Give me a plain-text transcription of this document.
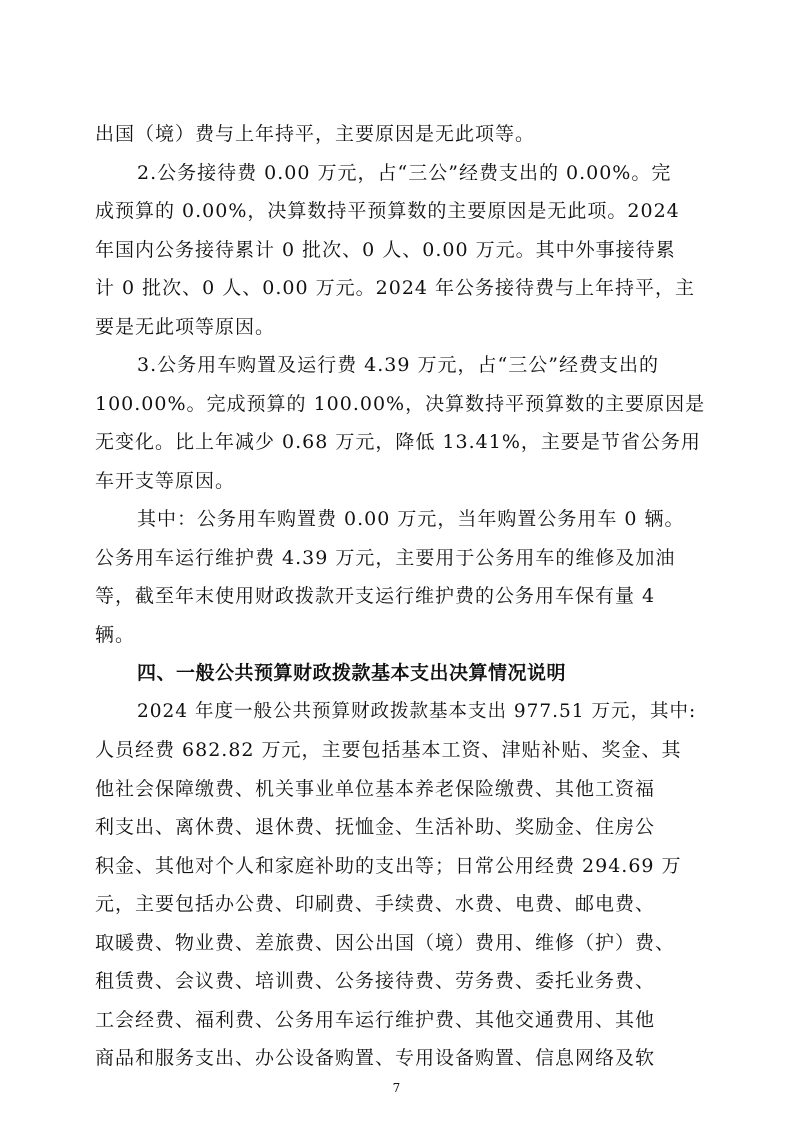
出国（境）费与上年持平，主要原因是无此项等。
2.公务接待费 0.00 万元，占“三公”经费支出的 0.00%。完
成预算的 0.00%，决算数持平预算数的主要原因是无此项。2024
年国内公务接待累计 0 批次、0 人、0.00 万元。其中外事接待累
计 0 批次、0 人、0.00 万元。2024 年公务接待费与上年持平，主
要是无此项等原因。
3.公务用车购置及运行费 4.39 万元，占“三公”经费支出的
100.00%。完成预算的 100.00%，决算数持平预算数的主要原因是
无变化。比上年减少 0.68 万元，降低 13.41%，主要是节省公务用
车开支等原因。
其中：公务用车购置费 0.00 万元，当年购置公务用车 0 辆。
公务用车运行维护费 4.39 万元，主要用于公务用车的维修及加油
等，截至年末使用财政拨款开支运行维护费的公务用车保有量 4
辆。
四、一般公共预算财政拨款基本支出决算情况说明
2024 年度一般公共预算财政拨款基本支出 977.51 万元，其中:
人员经费 682.82 万元，主要包括基本工资、津贴补贴、奖金、其
他社会保障缴费、机关事业单位基本养老保险缴费、其他工资福
利支出、离休费、退休费、抚恤金、生活补助、奖励金、住房公
积金、其他对个人和家庭补助的支出等；日常公用经费 294.69 万
元，主要包括办公费、印刷费、手续费、水费、电费、邮电费、
取暖费、物业费、差旅费、因公出国（境）费用、维修（护）费、
租赁费、会议费、培训费、公务接待费、劳务费、委托业务费、
工会经费、福利费、公务用车运行维护费、其他交通费用、其他
商品和服务支出、办公设备购置、专用设备购置、信息网络及软
7
